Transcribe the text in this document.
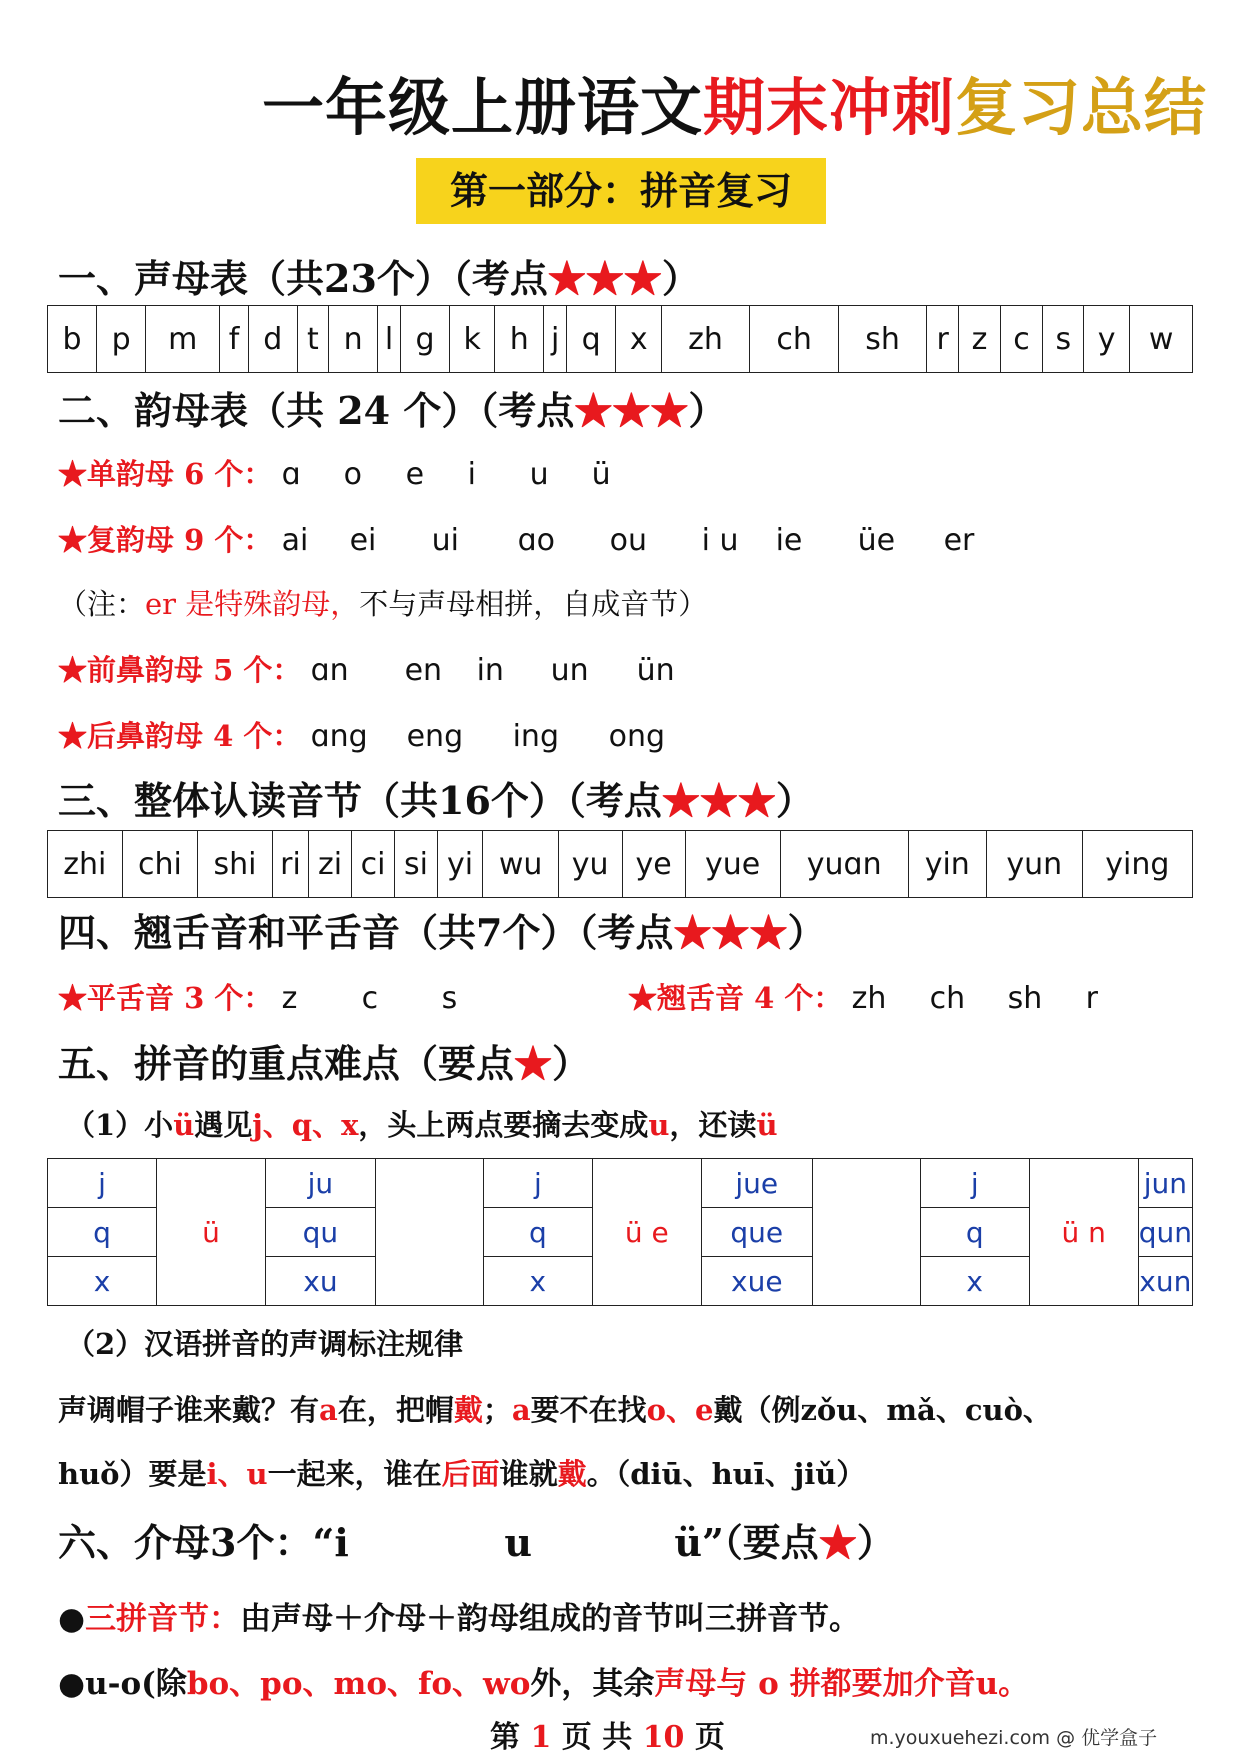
一年级上册语文期末冲刺复习总结
第一部分：拼音复习
一、声母表（共23个）（考点★★★）
b	p	m	f	d	t	n	l	g	k	h	j	q	x	zh	ch	sh	r	z	c	s	y	w
二、韵母表（共 24 个）（考点★★★）
★单韵母 6 个： ɑ o e i u ü
★复韵母 9 个： ai ei ui ɑo ou i u ie üe er
（注：er 是特殊韵母，不与声母相拼，自成音节）
★前鼻韵母 5 个： ɑn en in un ün
★后鼻韵母 4 个： ɑng eng ing ong
三、整体认读音节（共16个）（考点★★★）
zhi	chi	shi	ri	zi	ci	si	yi	wu	yu	ye	yue	yuɑn	yin	yun	ying
四、翘舌音和平舌音（共7个）（考点★★★）
★平舌音 3 个： z c s	★翘舌音 4 个： zh ch sh r
五、拼音的重点难点（要点★）
（1）小ü遇见j、q、x，头上两点要摘去变成u，还读ü
j	ü	ju		j	ü e	jue		j	ü n	jun
q		qu		q		que		q		qun
x		xu		x		xue		x		xun
（2）汉语拼音的声调标注规律
声调帽子谁来戴？有a在，把帽戴；a要不在找o、e戴（例zǒu、mǎ、cuò、
huǒ）要是i、u一起来，谁在后面谁就戴。（diū、huī、jiǔ）
六、介母3个：“i	u	ü”（要点★）
●三拼音节：由声母＋介母＋韵母组成的音节叫三拼音节。
●u-o(除bo、po、mo、fo、wo外，其余声母与 o 拼都要加介音u。
第 1 页 共 10 页	m.youxuehezi.com @ 优学盒子
